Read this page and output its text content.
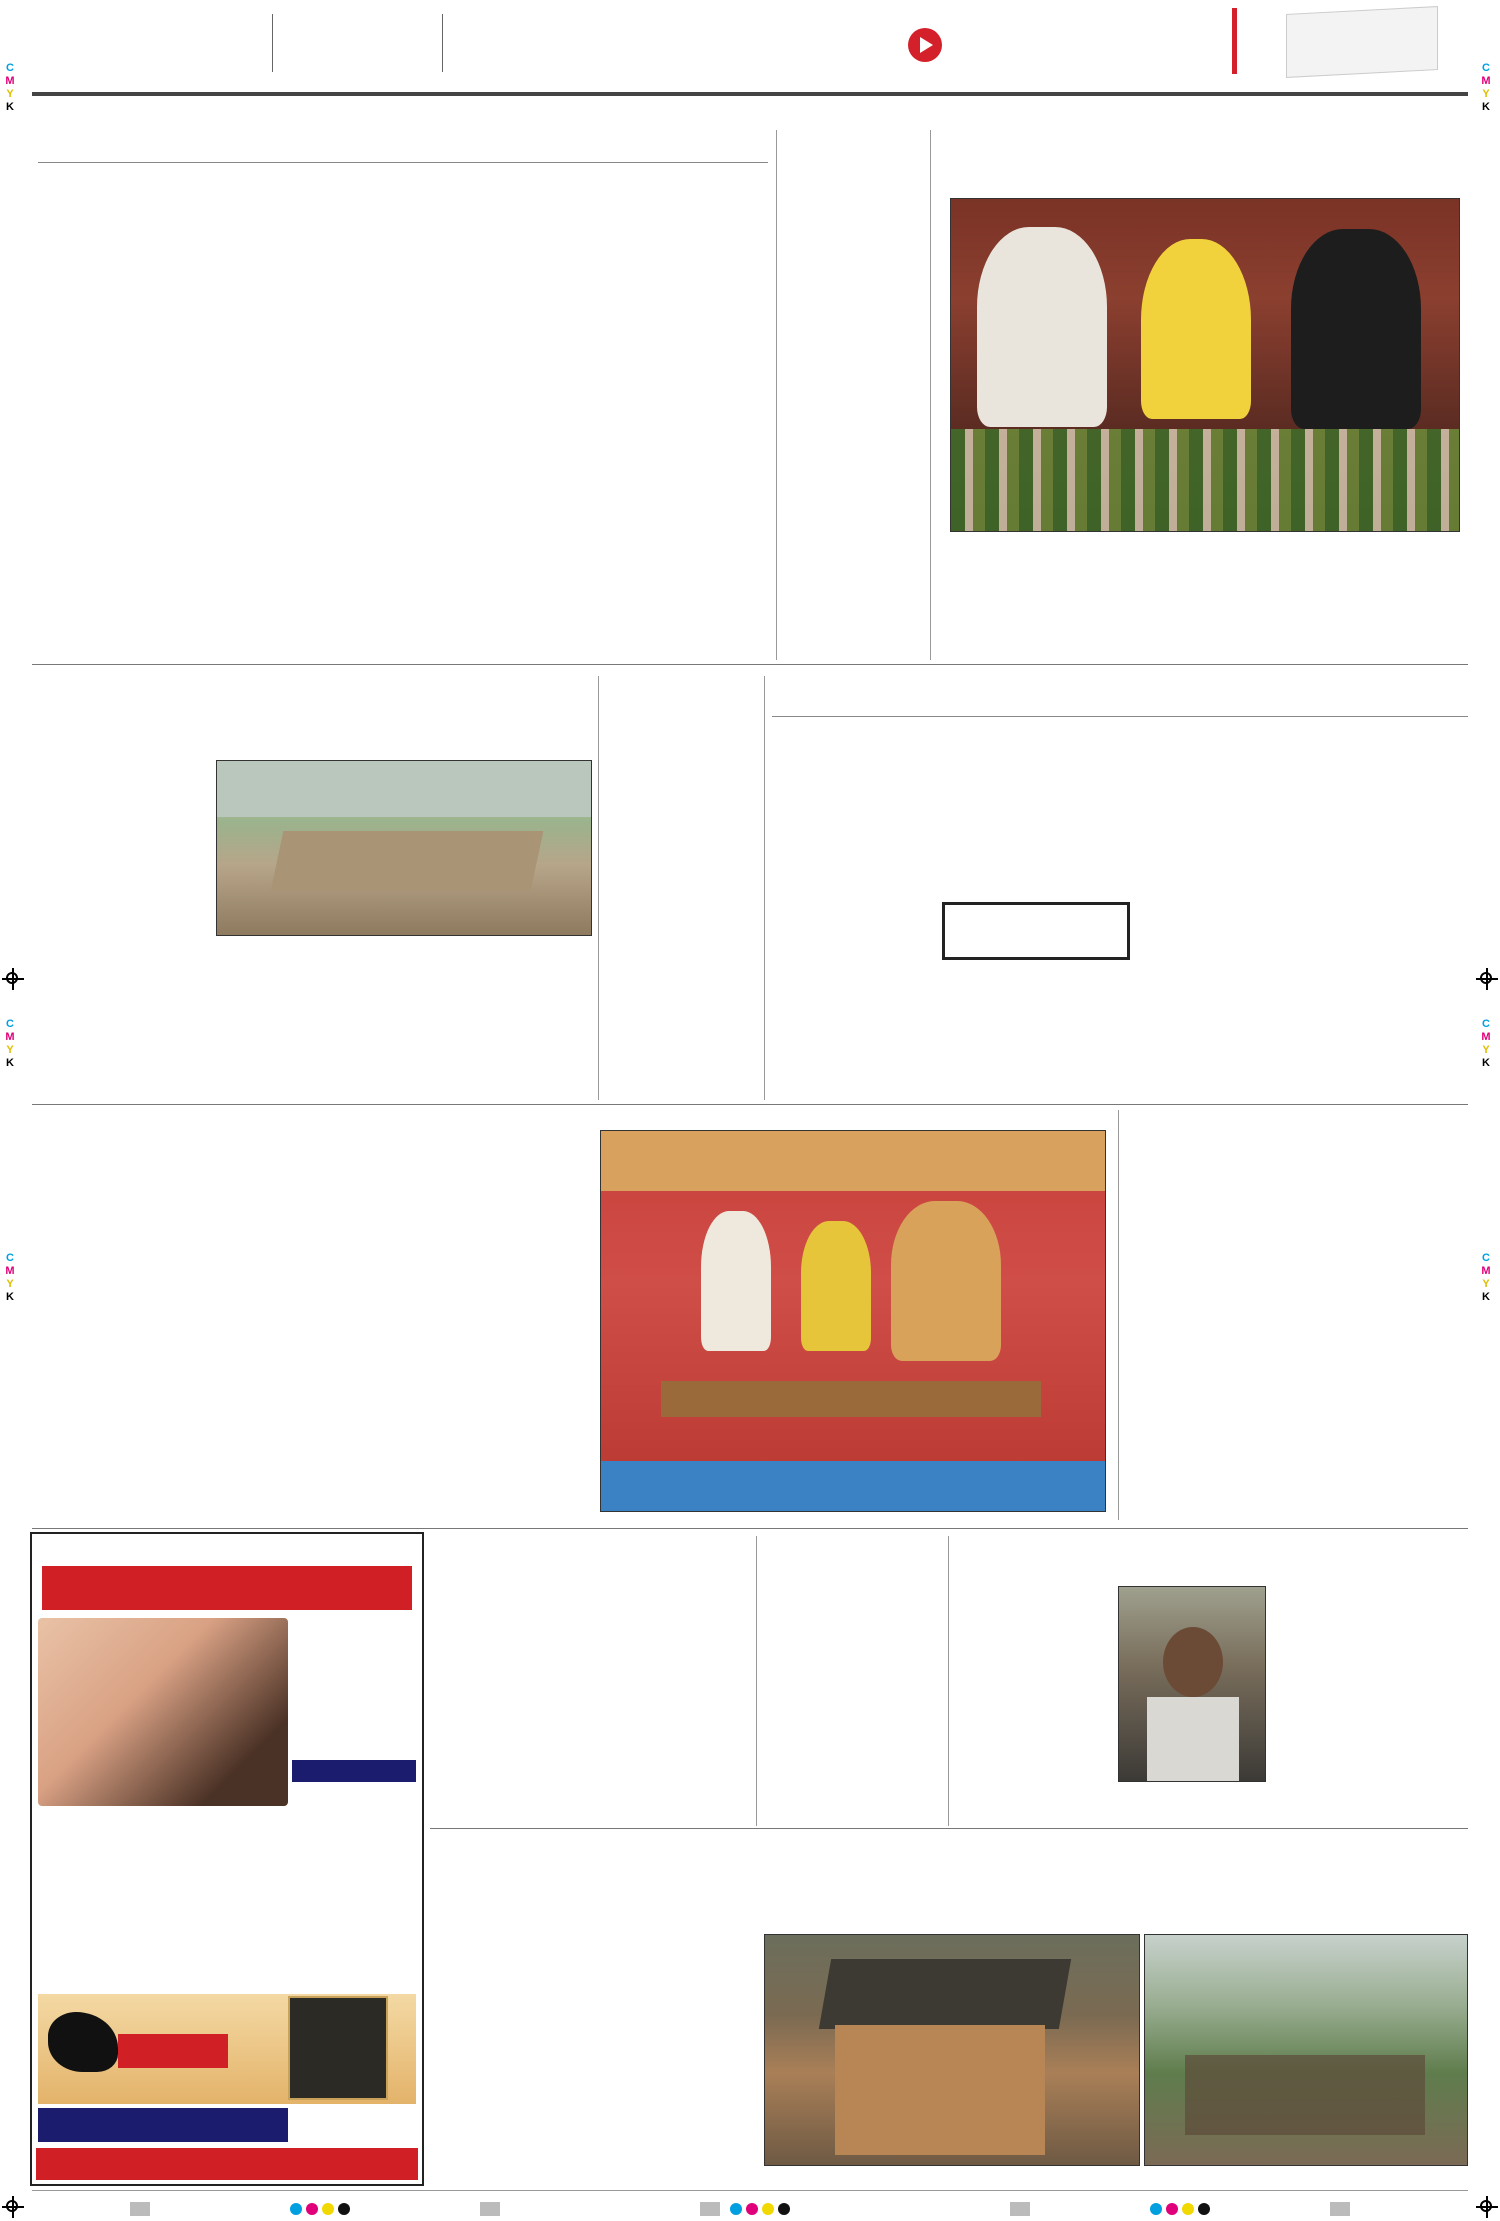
C
M
Y
K
C
M
Y
K
C
M
Y
K
C
M
Y
K
C
M
Y
K
C
M
Y
K
